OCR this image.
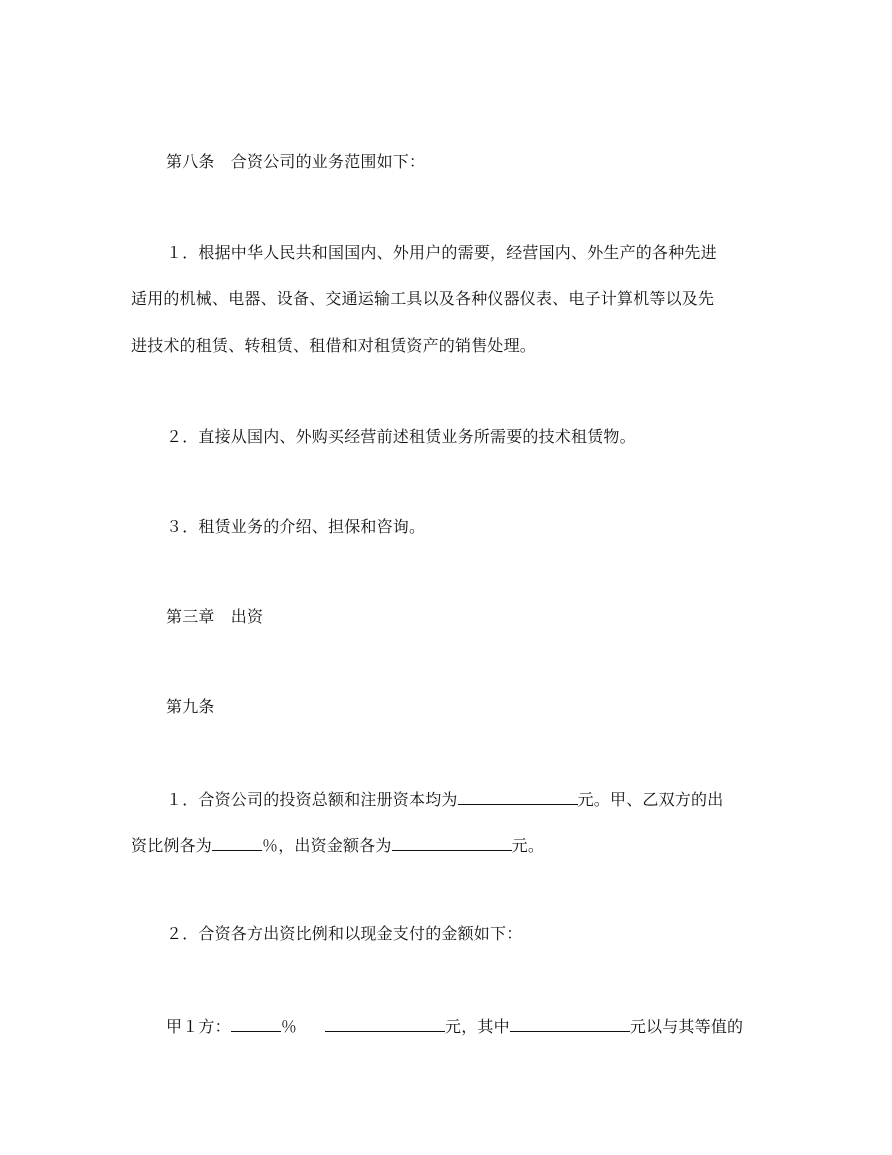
第八条　合资公司的业务范围如下：
１．根据中华人民共和国国内、外用户的需要，经营国内、外生产的各种先进
适用的机械、电器、设备、交通运输工具以及各种仪器仪表、电子计算机等以及先
进技术的租赁、转租赁、租借和对租赁资产的销售处理。
２．直接从国内、外购买经营前述租赁业务所需要的技术租赁物。
３．租赁业务的介绍、担保和咨询。
第三章　出资
第九条
１．合资公司的投资总额和注册资本均为	元。甲、乙双方的出
资比例各为	％，出资金额各为	元。
２．合资各方出资比例和以现金支付的金额如下：
甲１方：	％	元，其中	元以与其等值的
